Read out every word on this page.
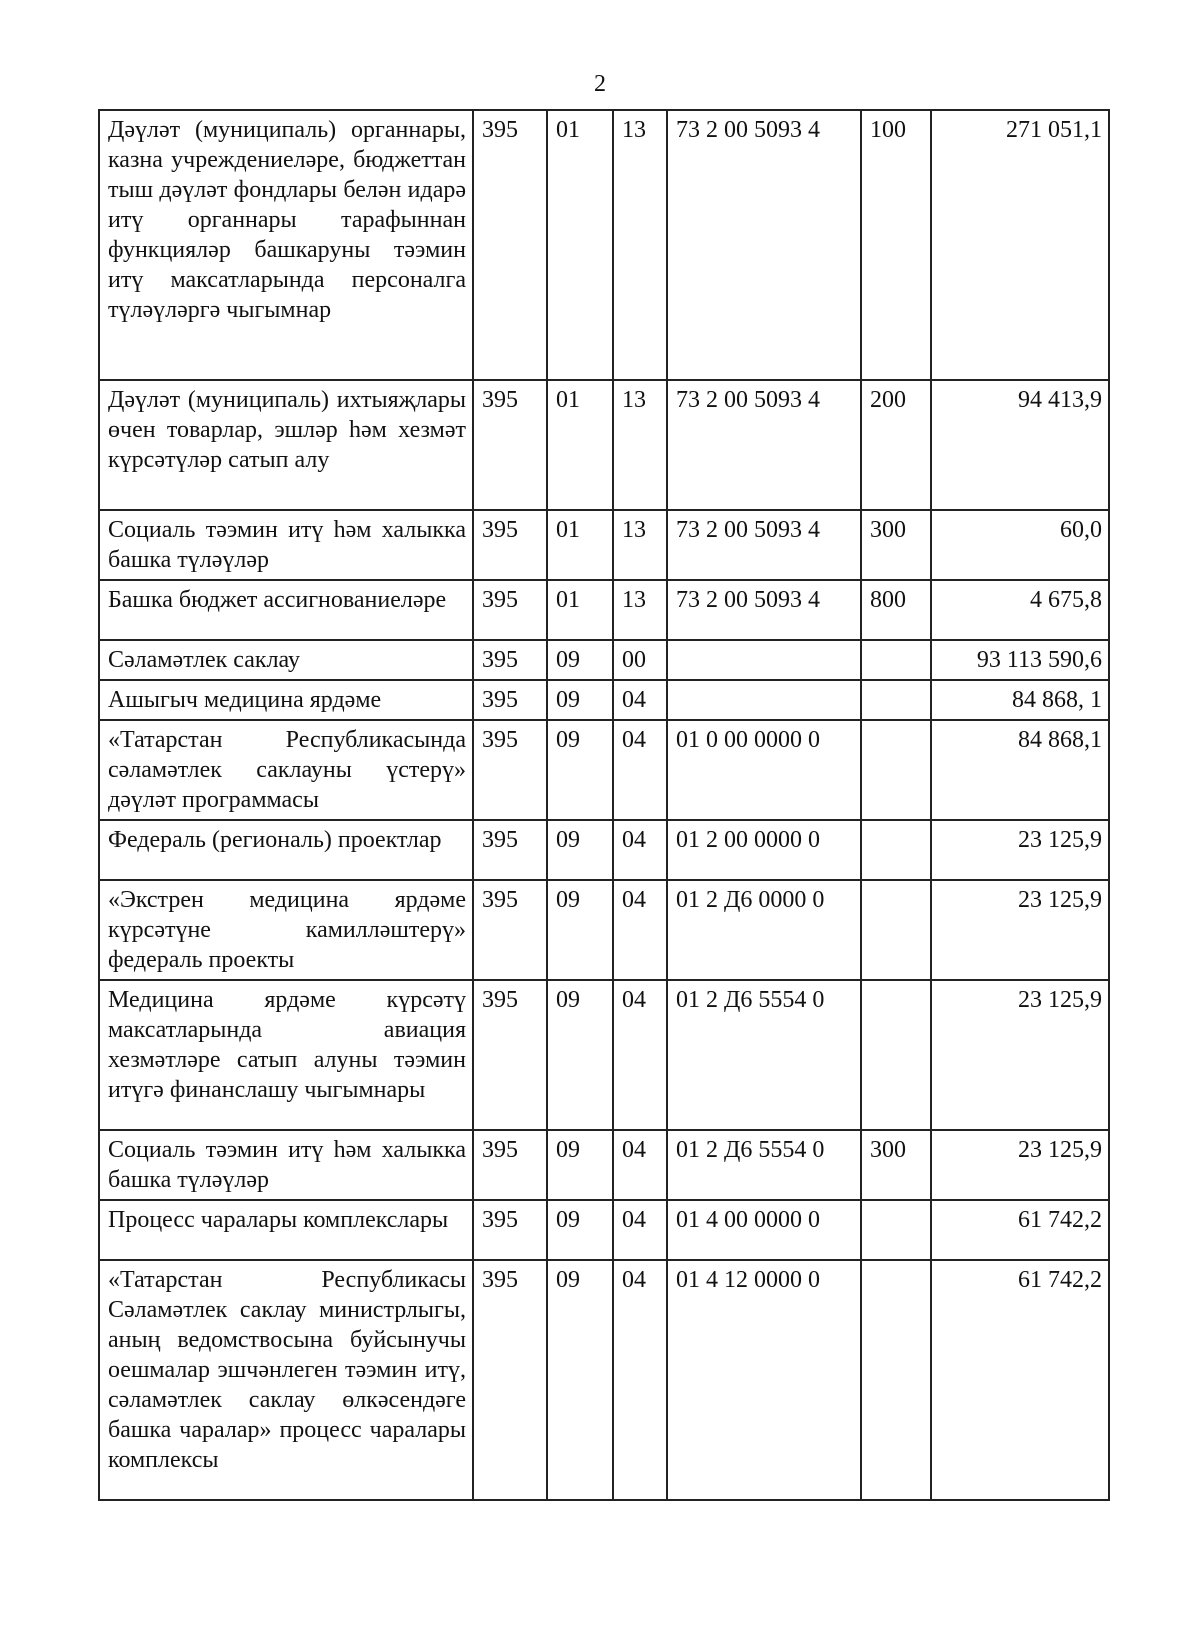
2
Дәүләт (муниципаль) органнары, казна учреждениеләре, бюджеттан тыш дәүләт фондлары белән идарә итү органнары тарафыннан функцияләр башкаруны тәэмин итү максатларында персоналга түләүләргә чыгымнар	395	01	13	73 2 00 5093 4	100	271 051,1
Дәүләт (муниципаль) ихтыяҗлары өчен товарлар, эшләр һәм хезмәт күрсәтүләр сатып алу	395	01	13	73 2 00 5093 4	200	94 413,9
Социаль тәэмин итү һәм халыкка башка түләүләр	395	01	13	73 2 00 5093 4	300	60,0
Башка бюджет ассигнованиеләре	395	01	13	73 2 00 5093 4	800	4 675,8
Сәламәтлек саклау	395	09	00			93 113 590,6
Ашыгыч медицина ярдәме	395	09	04			84 868, 1
«Татарстан Республикасында сәламәтлек саклауны үстерү» дәүләт программасы	395	09	04	01 0 00 0000 0		84 868,1
Федераль (региональ) проектлар	395	09	04	01 2 00 0000 0		23 125,9
«Экстрен медицина ярдәме күрсәтүне камилләштерү» федераль проекты	395	09	04	01 2 Д6 0000 0		23 125,9
Медицина ярдәме күрсәтү максатларында авиация хезмәтләре сатып алуны тәэмин итүгә финанслашу чыгымнары	395	09	04	01 2 Д6 5554 0		23 125,9
Социаль тәэмин итү һәм халыкка башка түләүләр	395	09	04	01 2 Д6 5554 0	300	23 125,9
Процесс чаралары комплекслары	395	09	04	01 4 00 0000 0		61 742,2
«Татарстан Республикасы Сәламәтлек саклау министрлыгы, аның ведомствосына буйсынучы оешмалар эшчәнлеген тәэмин итү, сәламәтлек саклау өлкәсендәге башка чаралар» процесс чаралары комплексы	395	09	04	01 4 12 0000 0		61 742,2
